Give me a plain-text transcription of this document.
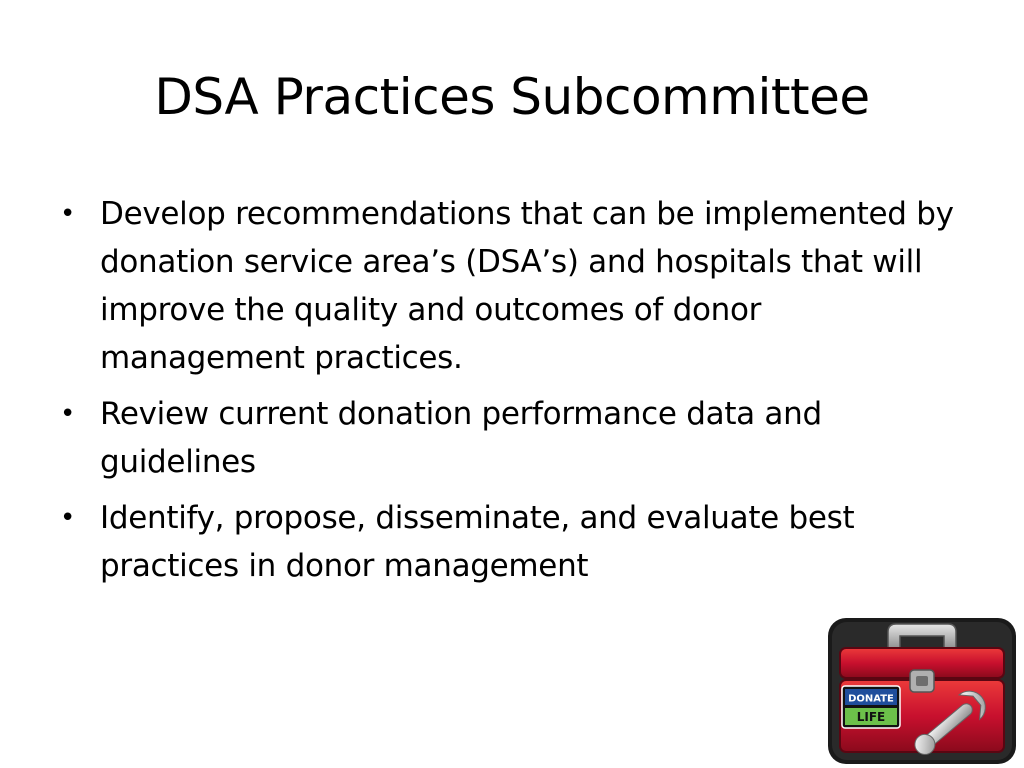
DSA Practices Subcommittee
• Develop recommendations that can be implemented by donation service area’s (DSA’s) and hospitals that will improve the quality and outcomes of donor management practices.
• Review current donation performance data and guidelines
• Identify, propose, disseminate, and evaluate best practices in donor management
DONATE
LIFE
